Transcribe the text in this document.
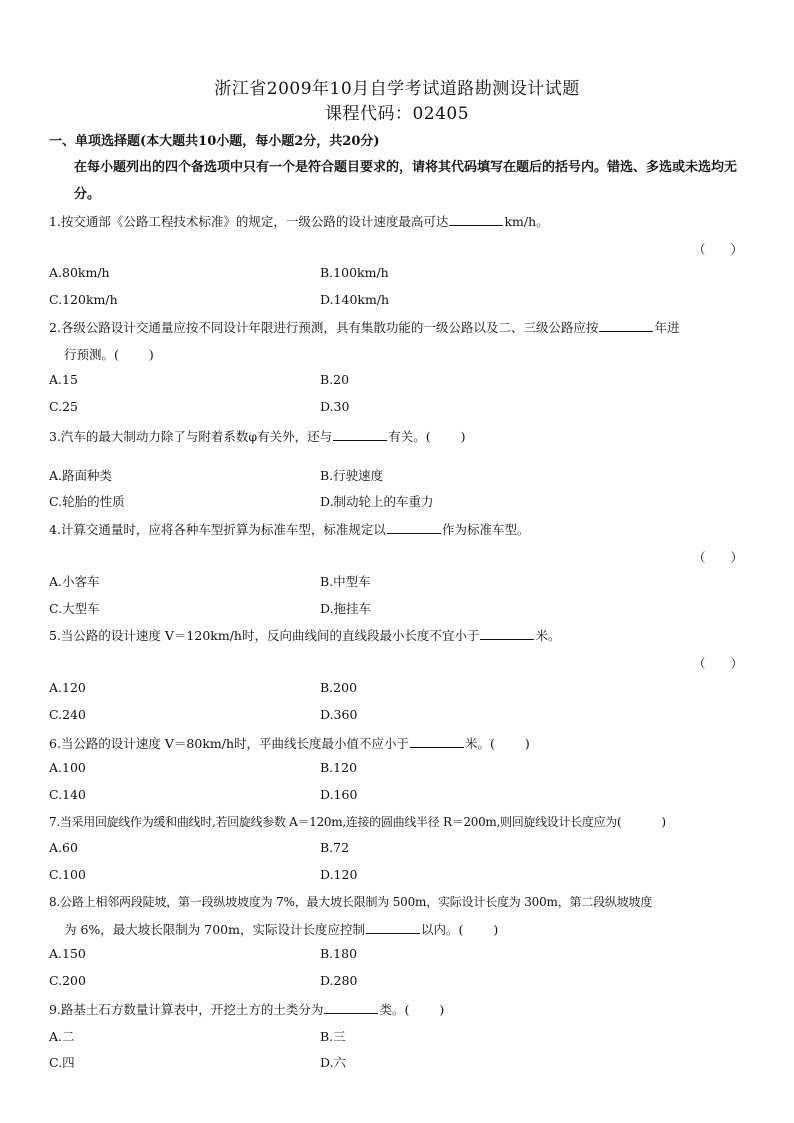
浙江省2009年10月自学考试道路勘测设计试题
课程代码：02405
一、单项选择题(本大题共10小题，每小题2分，共20分)
在每小题列出的四个备选项中只有一个是符合题目要求的，请将其代码填写在题后的括号内。错选、多选或未选均无分。
1.按交通部《公路工程技术标准》的规定，一级公路的设计速度最高可达	km/h。
（　　）
A.80km/h	B.100km/h
C.120km/h	D.140km/h
2.各级公路设计交通量应按不同设计年限进行预测，具有集散功能的一级公路以及二、三级公路应按	年进
行预测。( )
A.15	B.20
C.25	D.30
3.汽车的最大制动力除了与附着系数φ有关外，还与	有关。( )
A.路面种类	B.行驶速度
C.轮胎的性质	D.制动轮上的车重力
4.计算交通量时，应将各种车型折算为标准车型，标准规定以	作为标准车型。
（　　）
A.小客车	B.中型车
C.大型车	D.拖挂车
5.当公路的设计速度 V＝120km/h时，反向曲线间的直线段最小长度不宜小于	米。
（　　）
A.120	B.200
C.240	D.360
6.当公路的设计速度 V＝80km/h时，平曲线长度最小值不应小于	米。( )
A.100	B.120
C.140	D.160
7.当采用回旋线作为缓和曲线时,若回旋线参数 A＝120m,连接的圆曲线半径 R＝200m,则回旋线设计长度应为(	)
A.60	B.72
C.100	D.120
8.公路上相邻两段陡坡，第一段纵坡坡度为 7%，最大坡长限制为 500m，实际设计长度为 300m，第二段纵坡坡度
为 6%，最大坡长限制为 700m，实际设计长度应控制	以内。( )
A.150	B.180
C.200	D.280
9.路基土石方数量计算表中，开挖土方的土类分为	类。( )
A.二	B.三
C.四	D.六
